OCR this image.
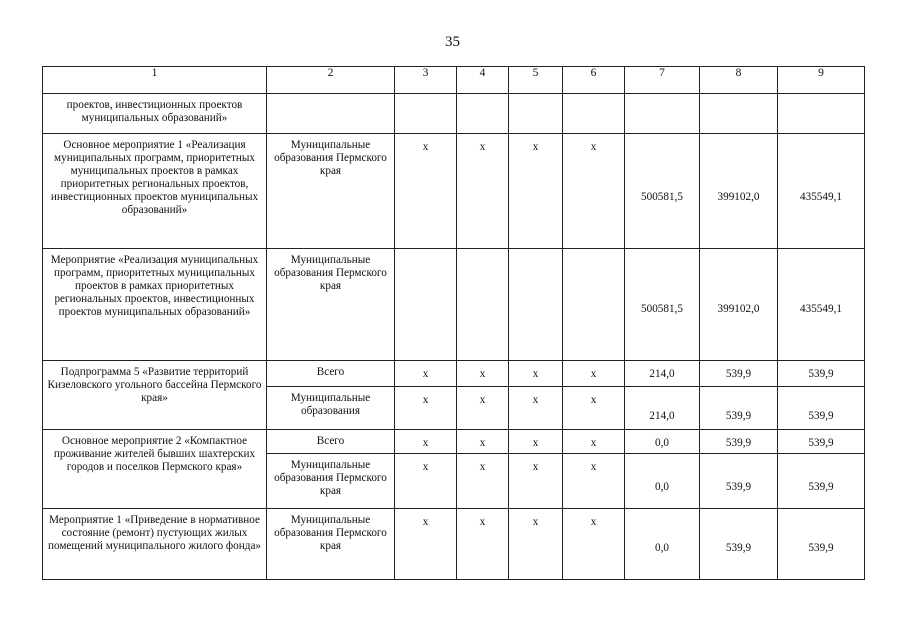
35
1	2	3	4	5	6	7	8	9
проектов, инвестиционных проектов муниципальных образований»								
Основное мероприятие 1 «Реализация муниципальных программ, приоритетных муниципальных проектов в рамках приоритетных региональных проектов, инвестиционных проектов муниципальных образований»	Муниципальные образования Пермского края	x	x	x	x	500581,5	399102,0	435549,1
Мероприятие «Реализация муниципальных программ, приоритетных муниципальных проектов в рамках приоритетных региональных проектов, инвестиционных проектов муниципальных образований»	Муниципальные образования Пермского края					500581,5	399102,0	435549,1
Подпрограмма 5 «Развитие территорий Кизеловского угольного бассейна Пермского края»	Всего	x	x	x	x	214,0	539,9	539,9
	Муниципальные образования	x	x	x	x	214,0	539,9	539,9
Основное мероприятие 2 «Компактное проживание жителей бывших шахтерских городов и поселков Пермского края»	Всего	x	x	x	x	0,0	539,9	539,9
	Муниципальные образования Пермского края	x	x	x	x	0,0	539,9	539,9
Мероприятие 1 «Приведение в нормативное состояние (ремонт) пустующих жилых помещений муниципального жилого фонда»	Муниципальные образования Пермского края	x	x	x	x	0,0	539,9	539,9
